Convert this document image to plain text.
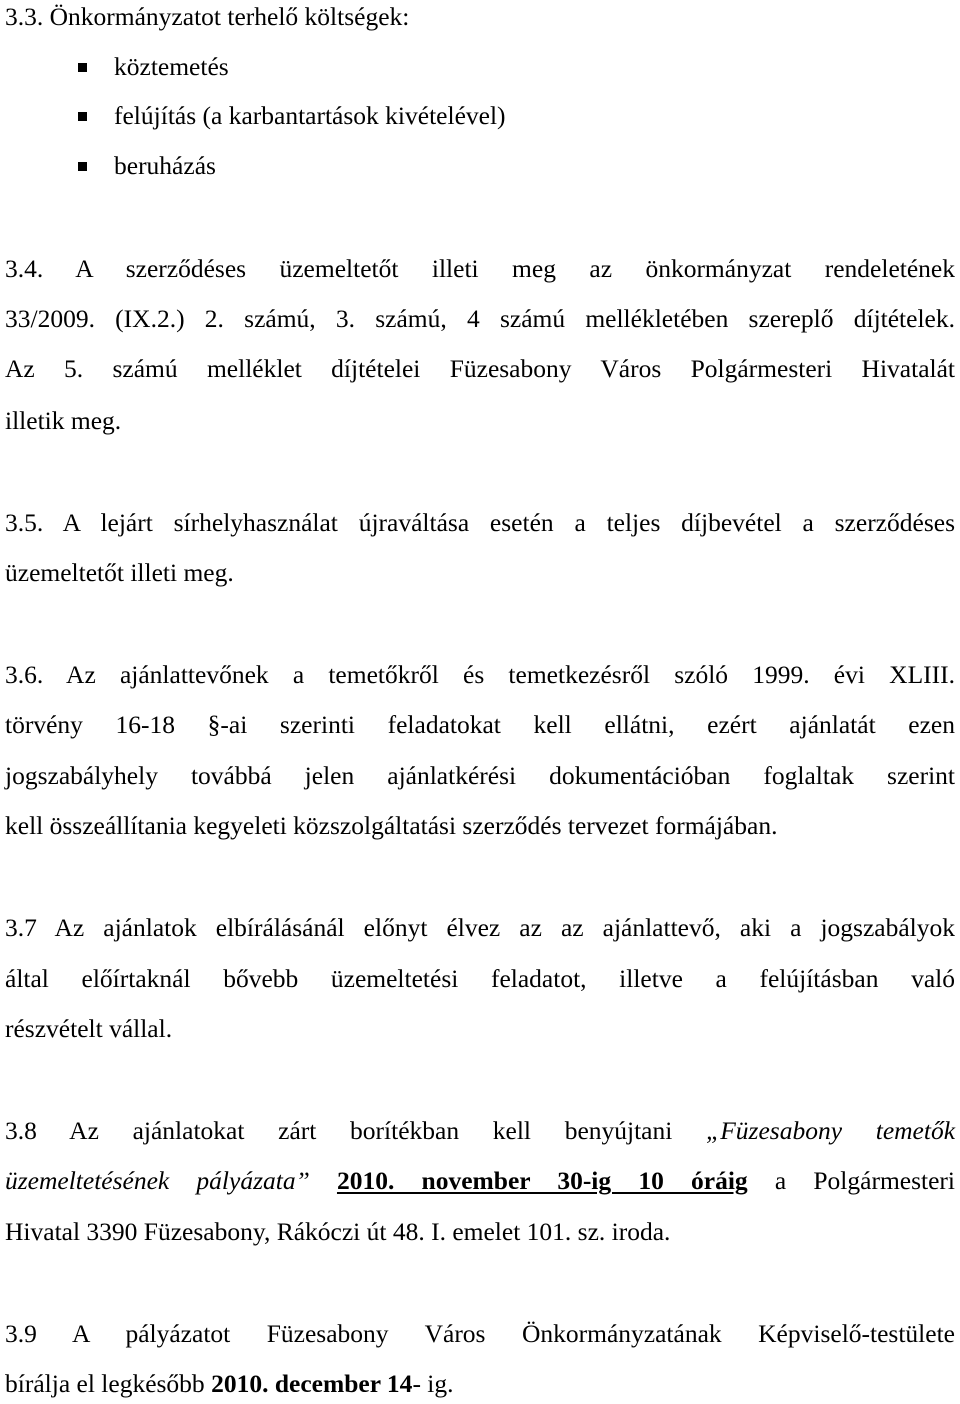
3.3. Önkormányzatot terhelő költségek:
köztemetés
felújítás (a karbantartások kivételével)
beruházás
3.4. A szerződéses üzemeltetőt illeti meg az önkormányzat rendeletének
33/2009. (IX.2.) 2. számú, 3. számú, 4 számú mellékletében szereplő díjtételek.
Az 5. számú melléklet díjtételei Füzesabony Város Polgármesteri Hivatalát
illetik meg.
3.5. A lejárt sírhelyhasználat újraváltása esetén a teljes díjbevétel a szerződéses
üzemeltetőt illeti meg.
3.6. Az ajánlattevőnek a temetőkről és temetkezésről szóló 1999. évi XLIII.
törvény 16-18 §-ai szerinti feladatokat kell ellátni, ezért ajánlatát ezen
jogszabályhely továbbá jelen ajánlatkérési dokumentációban foglaltak szerint
kell összeállítania kegyeleti közszolgáltatási szerződés tervezet formájában.
3.7 Az ajánlatok elbírálásánál előnyt élvez az az ajánlattevő, aki a jogszabályok
által előírtaknál bővebb üzemeltetési feladatot, illetve a felújításban való
részvételt vállal.
3.8 Az ajánlatokat zárt borítékban kell benyújtani „Füzesabony temetők
üzemeltetésének pályázata” 2010. november 30-ig 10 óráig a Polgármesteri
Hivatal 3390 Füzesabony, Rákóczi út 48. I. emelet 101. sz. iroda.
3.9 A pályázatot Füzesabony Város Önkormányzatának Képviselő-testülete
bírálja el legkésőbb 2010. december 14- ig.
